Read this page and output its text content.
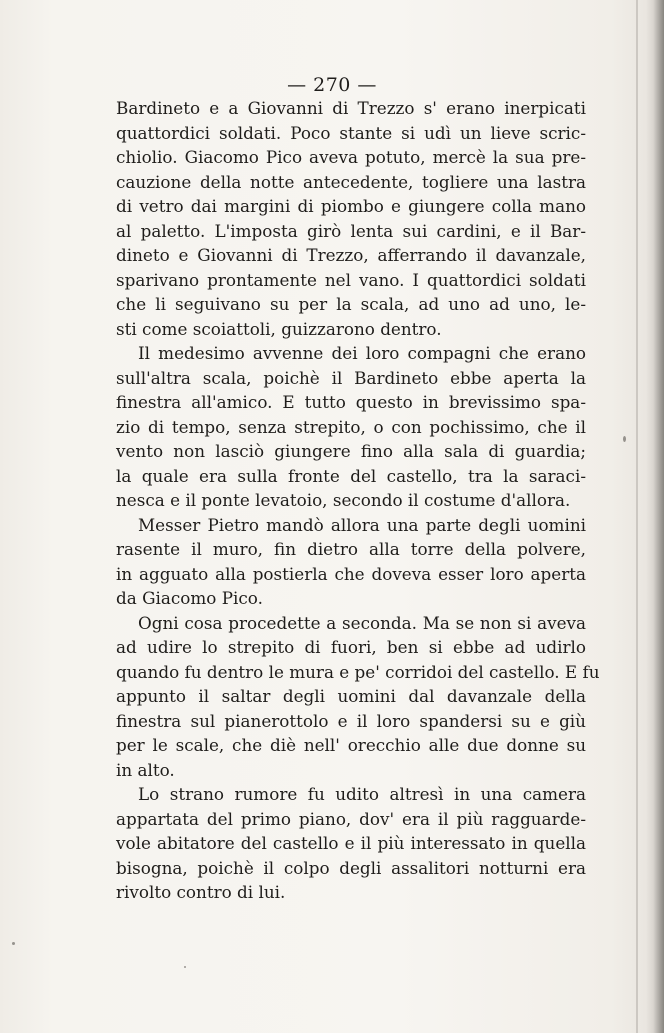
— 270 —
Bardineto e a Giovanni di Trezzo s' erano inerpicati
quattordici soldati. Poco stante si udì un lieve scric-
chiolio. Giacomo Pico aveva potuto, mercè la sua pre-
cauzione della notte antecedente, togliere una lastra
di vetro dai margini di piombo e giungere colla mano
al paletto. L'imposta girò lenta sui cardini, e il Bar-
dineto e Giovanni di Trezzo, afferrando il davanzale,
sparivano prontamente nel vano. I quattordici soldati
che li seguivano su per la scala, ad uno ad uno, le-
sti come scoiattoli, guizzarono dentro.
Il medesimo avvenne dei loro compagni che erano
sull'altra scala, poichè il Bardineto ebbe aperta la
finestra all'amico. E tutto questo in brevissimo spa-
zio di tempo, senza strepito, o con pochissimo, che il
vento non lasciò giungere fino alla sala di guardia;
la quale era sulla fronte del castello, tra la saraci-
nesca e il ponte levatoio, secondo il costume d'allora.
Messer Pietro mandò allora una parte degli uomini
rasente il muro, fin dietro alla torre della polvere,
in agguato alla postierla che doveva esser loro aperta
da Giacomo Pico.
Ogni cosa procedette a seconda. Ma se non si aveva
ad udire lo strepito di fuori, ben si ebbe ad udirlo
quando fu dentro le mura e pe' corridoi del castello. E fu
appunto il saltar degli uomini dal davanzale della
finestra sul pianerottolo e il loro spandersi su e giù
per le scale, che diè nell' orecchio alle due donne su
in alto.
Lo strano rumore fu udito altresì in una camera
appartata del primo piano, dov' era il più ragguarde-
vole abitatore del castello e il più interessato in quella
bisogna, poichè il colpo degli assalitori notturni era
rivolto contro di lui.
